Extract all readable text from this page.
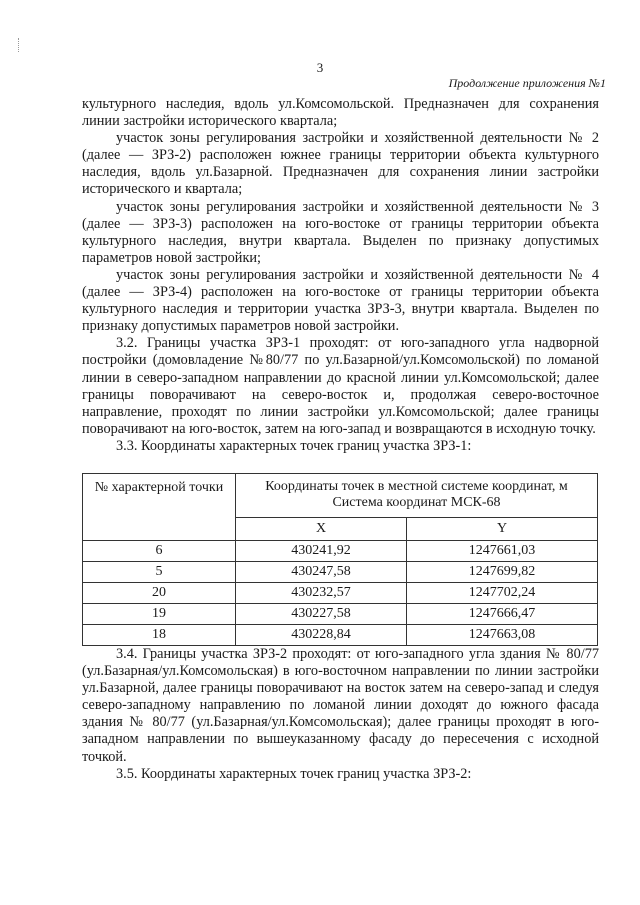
3
Продолжение приложения №1

культурного наследия, вдоль ул.Комсомольской. Предназначен для сохранения линии застройки исторического квартала;

участок зоны регулирования застройки и хозяйственной деятельности № 2 (далее — ЗРЗ-2) расположен южнее границы территории объекта культурного наследия, вдоль ул.Базарной. Предназначен для сохранения линии застройки исторического и квартала;

участок зоны регулирования застройки и хозяйственной деятельности № 3 (далее — ЗРЗ-3) расположен на юго-востоке от границы территории объекта культурного наследия, внутри квартала. Выделен по признаку допустимых параметров новой застройки;

участок зоны регулирования застройки и хозяйственной деятельности № 4 (далее — ЗРЗ-4) расположен на юго-востоке от границы территории объекта культурного наследия и территории участка ЗРЗ-3, внутри квартала. Выделен по признаку допустимых параметров новой застройки.

3.2. Границы участка ЗРЗ-1 проходят: от юго-западного угла надворной постройки (домовладение №80/77 по ул.Базарной/ул.Комсомольской) по ломаной линии в северо-западном направлении до красной линии ул.Комсомольской; далее границы поворачивают на северо-восток и, продолжая северо-восточное направление, проходят по линии застройки ул.Комсомольской; далее границы поворачивают на юго-восток, затем на юго-запад и возвращаются в исходную точку.

3.3. Координаты характерных точек границ участка ЗРЗ-1:

№ характерной точки	Координаты точек в местной системе координат, м Система координат МСК-68	
	X	Y
6	430241,92	1247661,03
5	430247,58	1247699,82
20	430232,57	1247702,24
19	430227,58	1247666,47
18	430228,84	1247663,08

3.4. Границы участка ЗРЗ-2 проходят: от юго-западного угла здания № 80/77 (ул.Базарная/ул.Комсомольская) в юго-восточном направлении по линии застройки ул.Базарной, далее границы поворачивают на восток затем на северо-запад и следуя северо-западному направлению по ломаной линии доходят до южного фасада здания № 80/77 (ул.Базарная/ул.Комсомольская); далее границы проходят в юго-западном направлении по вышеуказанному фасаду до пересечения с исходной точкой.

3.5. Координаты характерных точек границ участка ЗРЗ-2:
